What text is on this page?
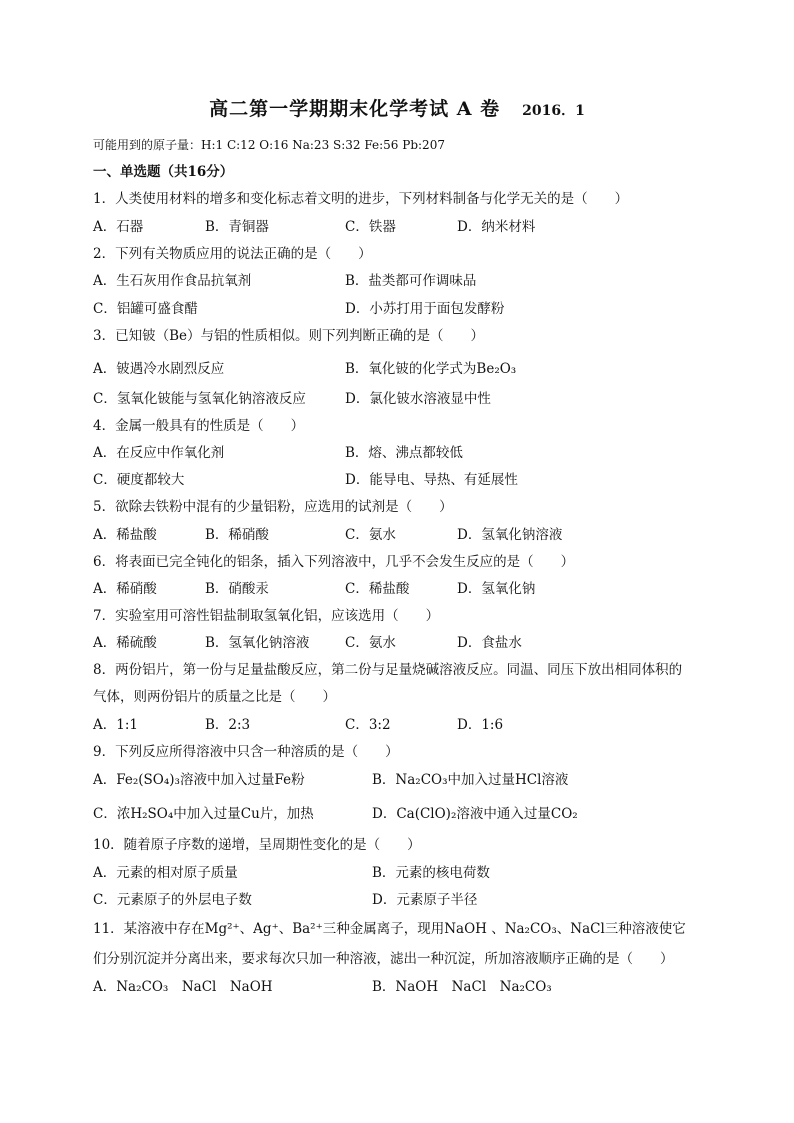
高二第一学期期末化学考试 A 卷 2016．1
可能用到的原子量：H:1 C:12 O:16 Na:23 S:32 Fe:56 Pb:207
一、单选题（共16分）
1．人类使用材料的增多和变化标志着文明的进步，下列材料制备与化学无关的是（　　）
A．石器	B．青铜器	C．铁器	D．纳米材料
2．下列有关物质应用的说法正确的是（　　）
A．生石灰用作食品抗氧剂	B．盐类都可作调味品
C．铝罐可盛食醋	D．小苏打用于面包发酵粉
3．已知铍（Be）与铝的性质相似。则下列判断正确的是（　　）
A．铍遇冷水剧烈反应	B．氧化铍的化学式为Be₂O₃
C．氢氧化铍能与氢氧化钠溶液反应	D．氯化铍水溶液显中性
4．金属一般具有的性质是（　　）
A．在反应中作氧化剂	B．熔、沸点都较低
C．硬度都较大	D．能导电、导热、有延展性
5．欲除去铁粉中混有的少量铝粉，应选用的试剂是（　　）
A．稀盐酸	B．稀硝酸	C．氨水	D．氢氧化钠溶液
6．将表面已完全钝化的铝条，插入下列溶液中，几乎不会发生反应的是（　　）
A．稀硝酸	B．硝酸汞	C．稀盐酸	D．氢氧化钠
7．实验室用可溶性铝盐制取氢氧化铝，应该选用（　　）
A．稀硫酸	B．氢氧化钠溶液	C．氨水	D．食盐水
8．两份铝片，第一份与足量盐酸反应，第二份与足量烧碱溶液反应。同温、同压下放出相同体积的
气体，则两份铝片的质量之比是（　　）
A．1:1	B．2:3	C．3:2	D．1:6
9．下列反应所得溶液中只含一种溶质的是（　　）
A．Fe₂(SO₄)₃溶液中加入过量Fe粉	B．Na₂CO₃中加入过量HCl溶液
C．浓H₂SO₄中加入过量Cu片，加热	D．Ca(ClO)₂溶液中通入过量CO₂
10．随着原子序数的递增，呈周期性变化的是（　　）
A．元素的相对原子质量	B．元素的核电荷数
C．元素原子的外层电子数	D．元素原子半径
11．某溶液中存在Mg²⁺、Ag⁺、Ba²⁺三种金属离子，现用NaOH 、Na₂CO₃、NaCl三种溶液使它
们分别沉淀并分离出来，要求每次只加一种溶液，滤出一种沉淀，所加溶液顺序正确的是（　　）
A．Na₂CO₃　NaCl　NaOH	B．NaOH　NaCl　Na₂CO₃
